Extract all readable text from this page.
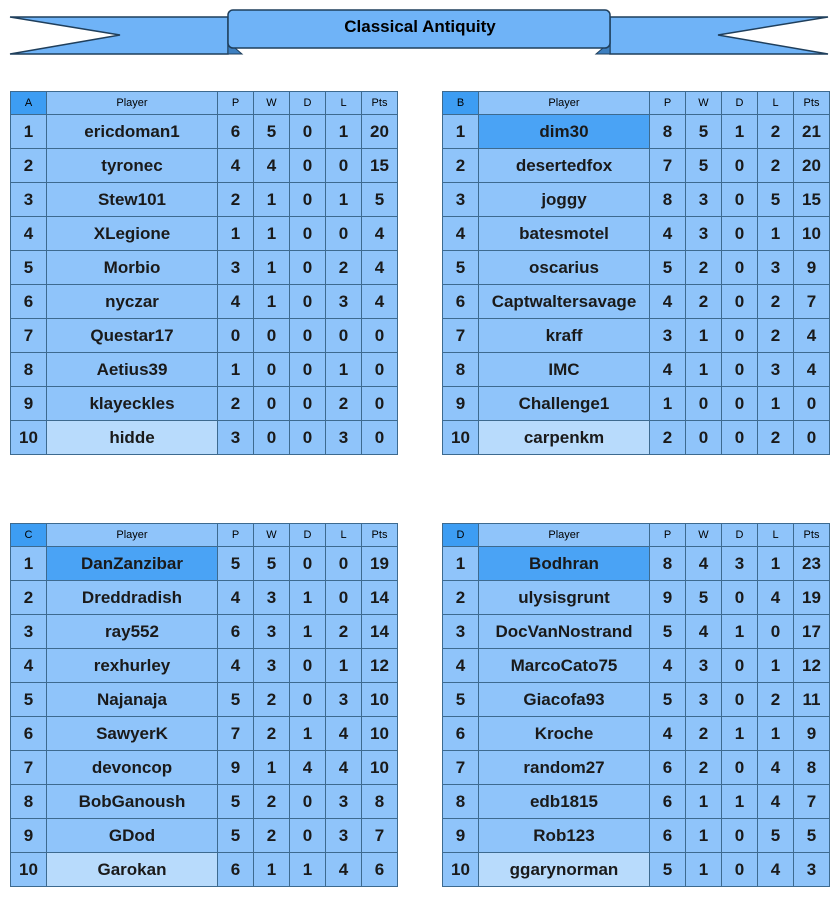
Classical Antiquity
A	Player	P	W	D	L	Pts
1	ericdoman1	6	5	0	1	20
2	tyronec	4	4	0	0	15
3	Stew101	2	1	0	1	5
4	XLegione	1	1	0	0	4
5	Morbio	3	1	0	2	4
6	nyczar	4	1	0	3	4
7	Questar17	0	0	0	0	0
8	Aetius39	1	0	0	1	0
9	klayeckles	2	0	0	2	0
10	hidde	3	0	0	3	0
B	Player	P	W	D	L	Pts
1	dim30	8	5	1	2	21
2	desertedfox	7	5	0	2	20
3	joggy	8	3	0	5	15
4	batesmotel	4	3	0	1	10
5	oscarius	5	2	0	3	9
6	Captwaltersavage	4	2	0	2	7
7	kraff	3	1	0	2	4
8	IMC	4	1	0	3	4
9	Challenge1	1	0	0	1	0
10	carpenkm	2	0	0	2	0
C	Player	P	W	D	L	Pts
1	DanZanzibar	5	5	0	0	19
2	Dreddradish	4	3	1	0	14
3	ray552	6	3	1	2	14
4	rexhurley	4	3	0	1	12
5	Najanaja	5	2	0	3	10
6	SawyerK	7	2	1	4	10
7	devoncop	9	1	4	4	10
8	BobGanoush	5	2	0	3	8
9	GDod	5	2	0	3	7
10	Garokan	6	1	1	4	6
D	Player	P	W	D	L	Pts
1	Bodhran	8	4	3	1	23
2	ulysisgrunt	9	5	0	4	19
3	DocVanNostrand	5	4	1	0	17
4	MarcoCato75	4	3	0	1	12
5	Giacofa93	5	3	0	2	11
6	Kroche	4	2	1	1	9
7	random27	6	2	0	4	8
8	edb1815	6	1	1	4	7
9	Rob123	6	1	0	5	5
10	ggarynorman	5	1	0	4	3
